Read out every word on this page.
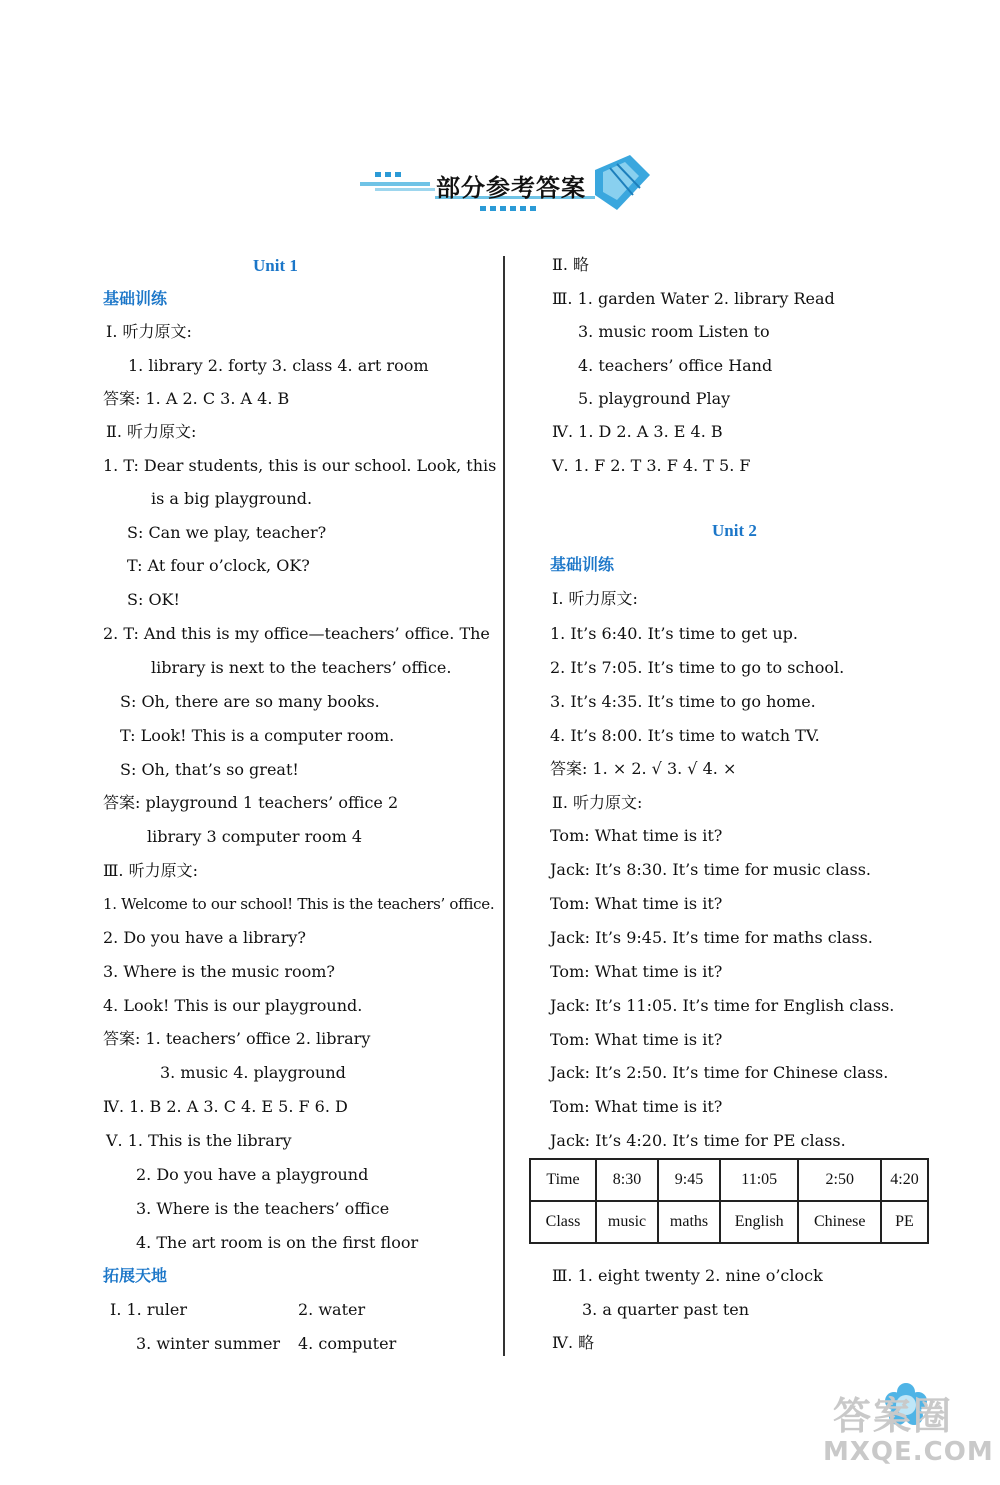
部分参考答案
Unit 1
基础训练
Ⅰ. 听力原文:
1. library 2. forty 3. class 4. art room
答案: 1. A 2. C 3. A 4. B
Ⅱ. 听力原文:
1. T: Dear students, this is our school. Look, this
is a big playground.
S: Can we play, teacher?
T: At four o’clock, OK?
S: OK!
2. T: And this is my office—teachers’ office. The
library is next to the teachers’ office.
S: Oh, there are so many books.
T: Look! This is a computer room.
S: Oh, that’s so great!
答案: playground 1 teachers’ office 2
library 3 computer room 4
Ⅲ. 听力原文:
1. Welcome to our school! This is the teachers’ office.
2. Do you have a library?
3. Where is the music room?
4. Look! This is our playground.
答案: 1. teachers’ office 2. library
3. music 4. playground
Ⅳ. 1. B 2. A 3. C 4. E 5. F 6. D
Ⅴ. 1. This is the library
2. Do you have a playground
3. Where is the teachers’ office
4. The art room is on the first floor
拓展天地
Ⅰ. 1. ruler	2. water
3. winter summer 4. computer
Ⅱ. 略
Ⅲ. 1. garden Water 2. library Read
3. music room Listen to
4. teachers’ office Hand
5. playground Play
Ⅳ. 1. D 2. A 3. E 4. B
Ⅴ. 1. F 2. T 3. F 4. T 5. F
Unit 2
基础训练
Ⅰ. 听力原文:
1. It’s 6:40. It’s time to get up.
2. It’s 7:05. It’s time to go to school.
3. It’s 4:35. It’s time to go home.
4. It’s 8:00. It’s time to watch TV.
答案: 1. × 2. √ 3. √ 4. ×
Ⅱ. 听力原文:
Tom: What time is it?
Jack: It’s 8:30. It’s time for music class.
Tom: What time is it?
Jack: It’s 9:45. It’s time for maths class.
Tom: What time is it?
Jack: It’s 11:05. It’s time for English class.
Tom: What time is it?
Jack: It’s 2:50. It’s time for Chinese class.
Tom: What time is it?
Jack: It’s 4:20. It’s time for PE class.
Time	8:30	9:45	11:05	2:50	4:20
Class	music	maths	English	Chinese	PE
Ⅲ. 1. eight twenty 2. nine o’clock
3. a quarter past ten
Ⅳ. 略
答案圈
MXQE.COM
